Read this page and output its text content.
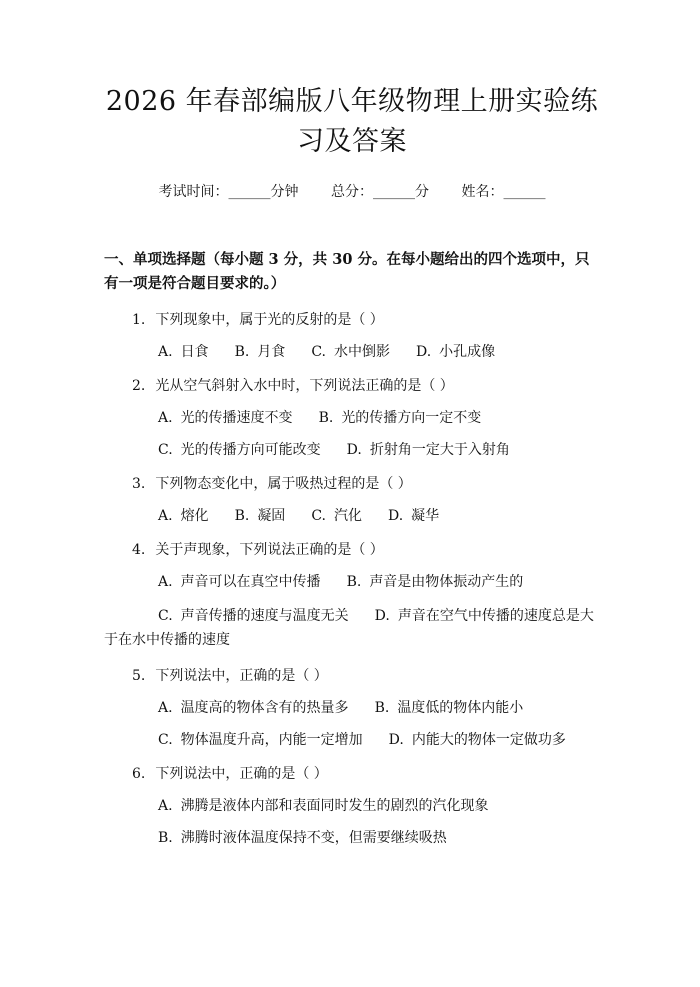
2026 年春部编版八年级物理上册实验练习及答案
考试时间：______分钟 总分：______分 姓名：______
一、单项选择题（每小题 3 分，共 30 分。在每小题给出的四个选项中，只有一项是符合题目要求的。）
1. 下列现象中，属于光的反射的是（ ）
A. 日食 B. 月食 C. 水中倒影 D. 小孔成像
2. 光从空气斜射入水中时，下列说法正确的是（ ）
A. 光的传播速度不变 B. 光的传播方向一定不变
C. 光的传播方向可能改变 D. 折射角一定大于入射角
3. 下列物态变化中，属于吸热过程的是（ ）
A. 熔化 B. 凝固 C. 汽化 D. 凝华
4. 关于声现象，下列说法正确的是（ ）
A. 声音可以在真空中传播 B. 声音是由物体振动产生的
C. 声音传播的速度与温度无关 D. 声音在空气中传播的速度总是大于在水中传播的速度
5. 下列说法中，正确的是（ ）
A. 温度高的物体含有的热量多 B. 温度低的物体内能小
C. 物体温度升高，内能一定增加 D. 内能大的物体一定做功多
6. 下列说法中，正确的是（ ）
A. 沸腾是液体内部和表面同时发生的剧烈的汽化现象
B. 沸腾时液体温度保持不变，但需要继续吸热
